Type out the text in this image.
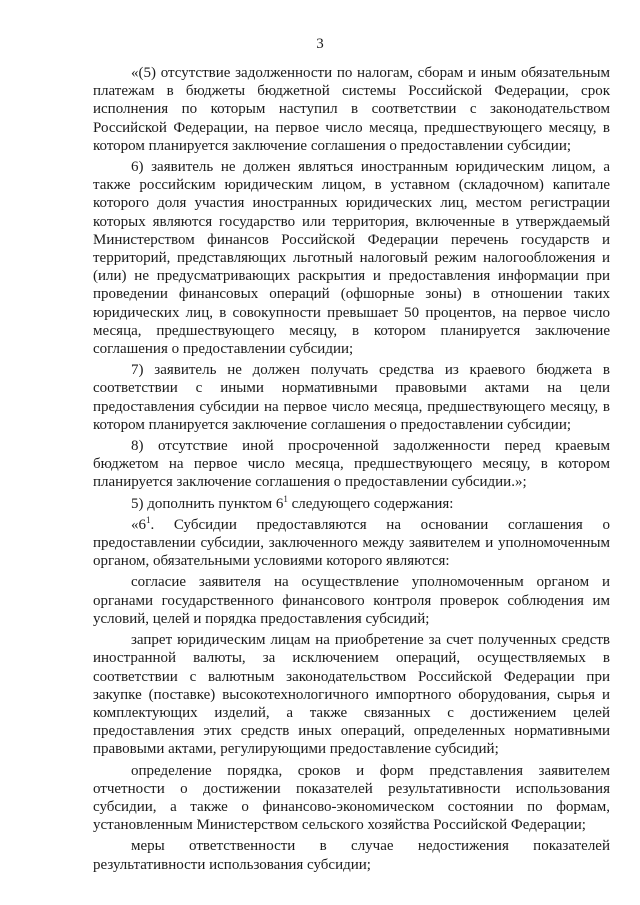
3

«(5) отсутствие задолженности по налогам, сборам и иным обязательным платежам в бюджеты бюджетной системы Российской Федерации, срок исполнения по которым наступил в соответствии с законодательством Российской Федерации, на первое число месяца, предшествующего месяцу, в котором планируется заключение соглашения о предоставлении субсидии;

6) заявитель не должен являться иностранным юридическим лицом, а также российским юридическим лицом, в уставном (складочном) капитале которого доля участия иностранных юридических лиц, местом регистрации которых являются государство или территория, включенные в утверждаемый Министерством финансов Российской Федерации перечень государств и территорий, представляющих льготный налоговый режим налогообложения и (или) не предусматривающих раскрытия и предоставления информации при проведении финансовых операций (офшорные зоны) в отношении таких юридических лиц, в совокупности превышает 50 процентов, на первое число месяца, предшествующего месяцу, в котором планируется заключение соглашения о предоставлении субсидии;

7) заявитель не должен получать средства из краевого бюджета в соответствии с иными нормативными правовыми актами на цели предоставления субсидии на первое число месяца, предшествующего месяцу, в котором планируется заключение соглашения о предоставлении субсидии;

8) отсутствие иной просроченной задолженности перед краевым бюджетом на первое число месяца, предшествующего месяцу, в котором планируется заключение соглашения о предоставлении субсидии.»;

5) дополнить пунктом $6^1$ следующего содержания:

«$6^1$. Субсидии предоставляются на основании соглашения о предоставлении субсидии, заключенного между заявителем и уполномоченным органом, обязательными условиями которого являются:

согласие заявителя на осуществление уполномоченным органом и органами государственного финансового контроля проверок соблюдения им условий, целей и порядка предоставления субсидий;

запрет юридическим лицам на приобретение за счет полученных средств иностранной валюты, за исключением операций, осуществляемых в соответствии с валютным законодательством Российской Федерации при закупке (поставке) высокотехнологичного импортного оборудования, сырья и комплектующих изделий, а также связанных с достижением целей предоставления этих средств иных операций, определенных нормативными правовыми актами, регулирующими предоставление субсидий;

определение порядка, сроков и форм представления заявителем отчетности о достижении показателей результативности использования субсидии, а также о финансово-экономическом состоянии по формам, установленным Министерством сельского хозяйства Российской Федерации;

меры ответственности в случае недостижения показателей результативности использования субсидии;
